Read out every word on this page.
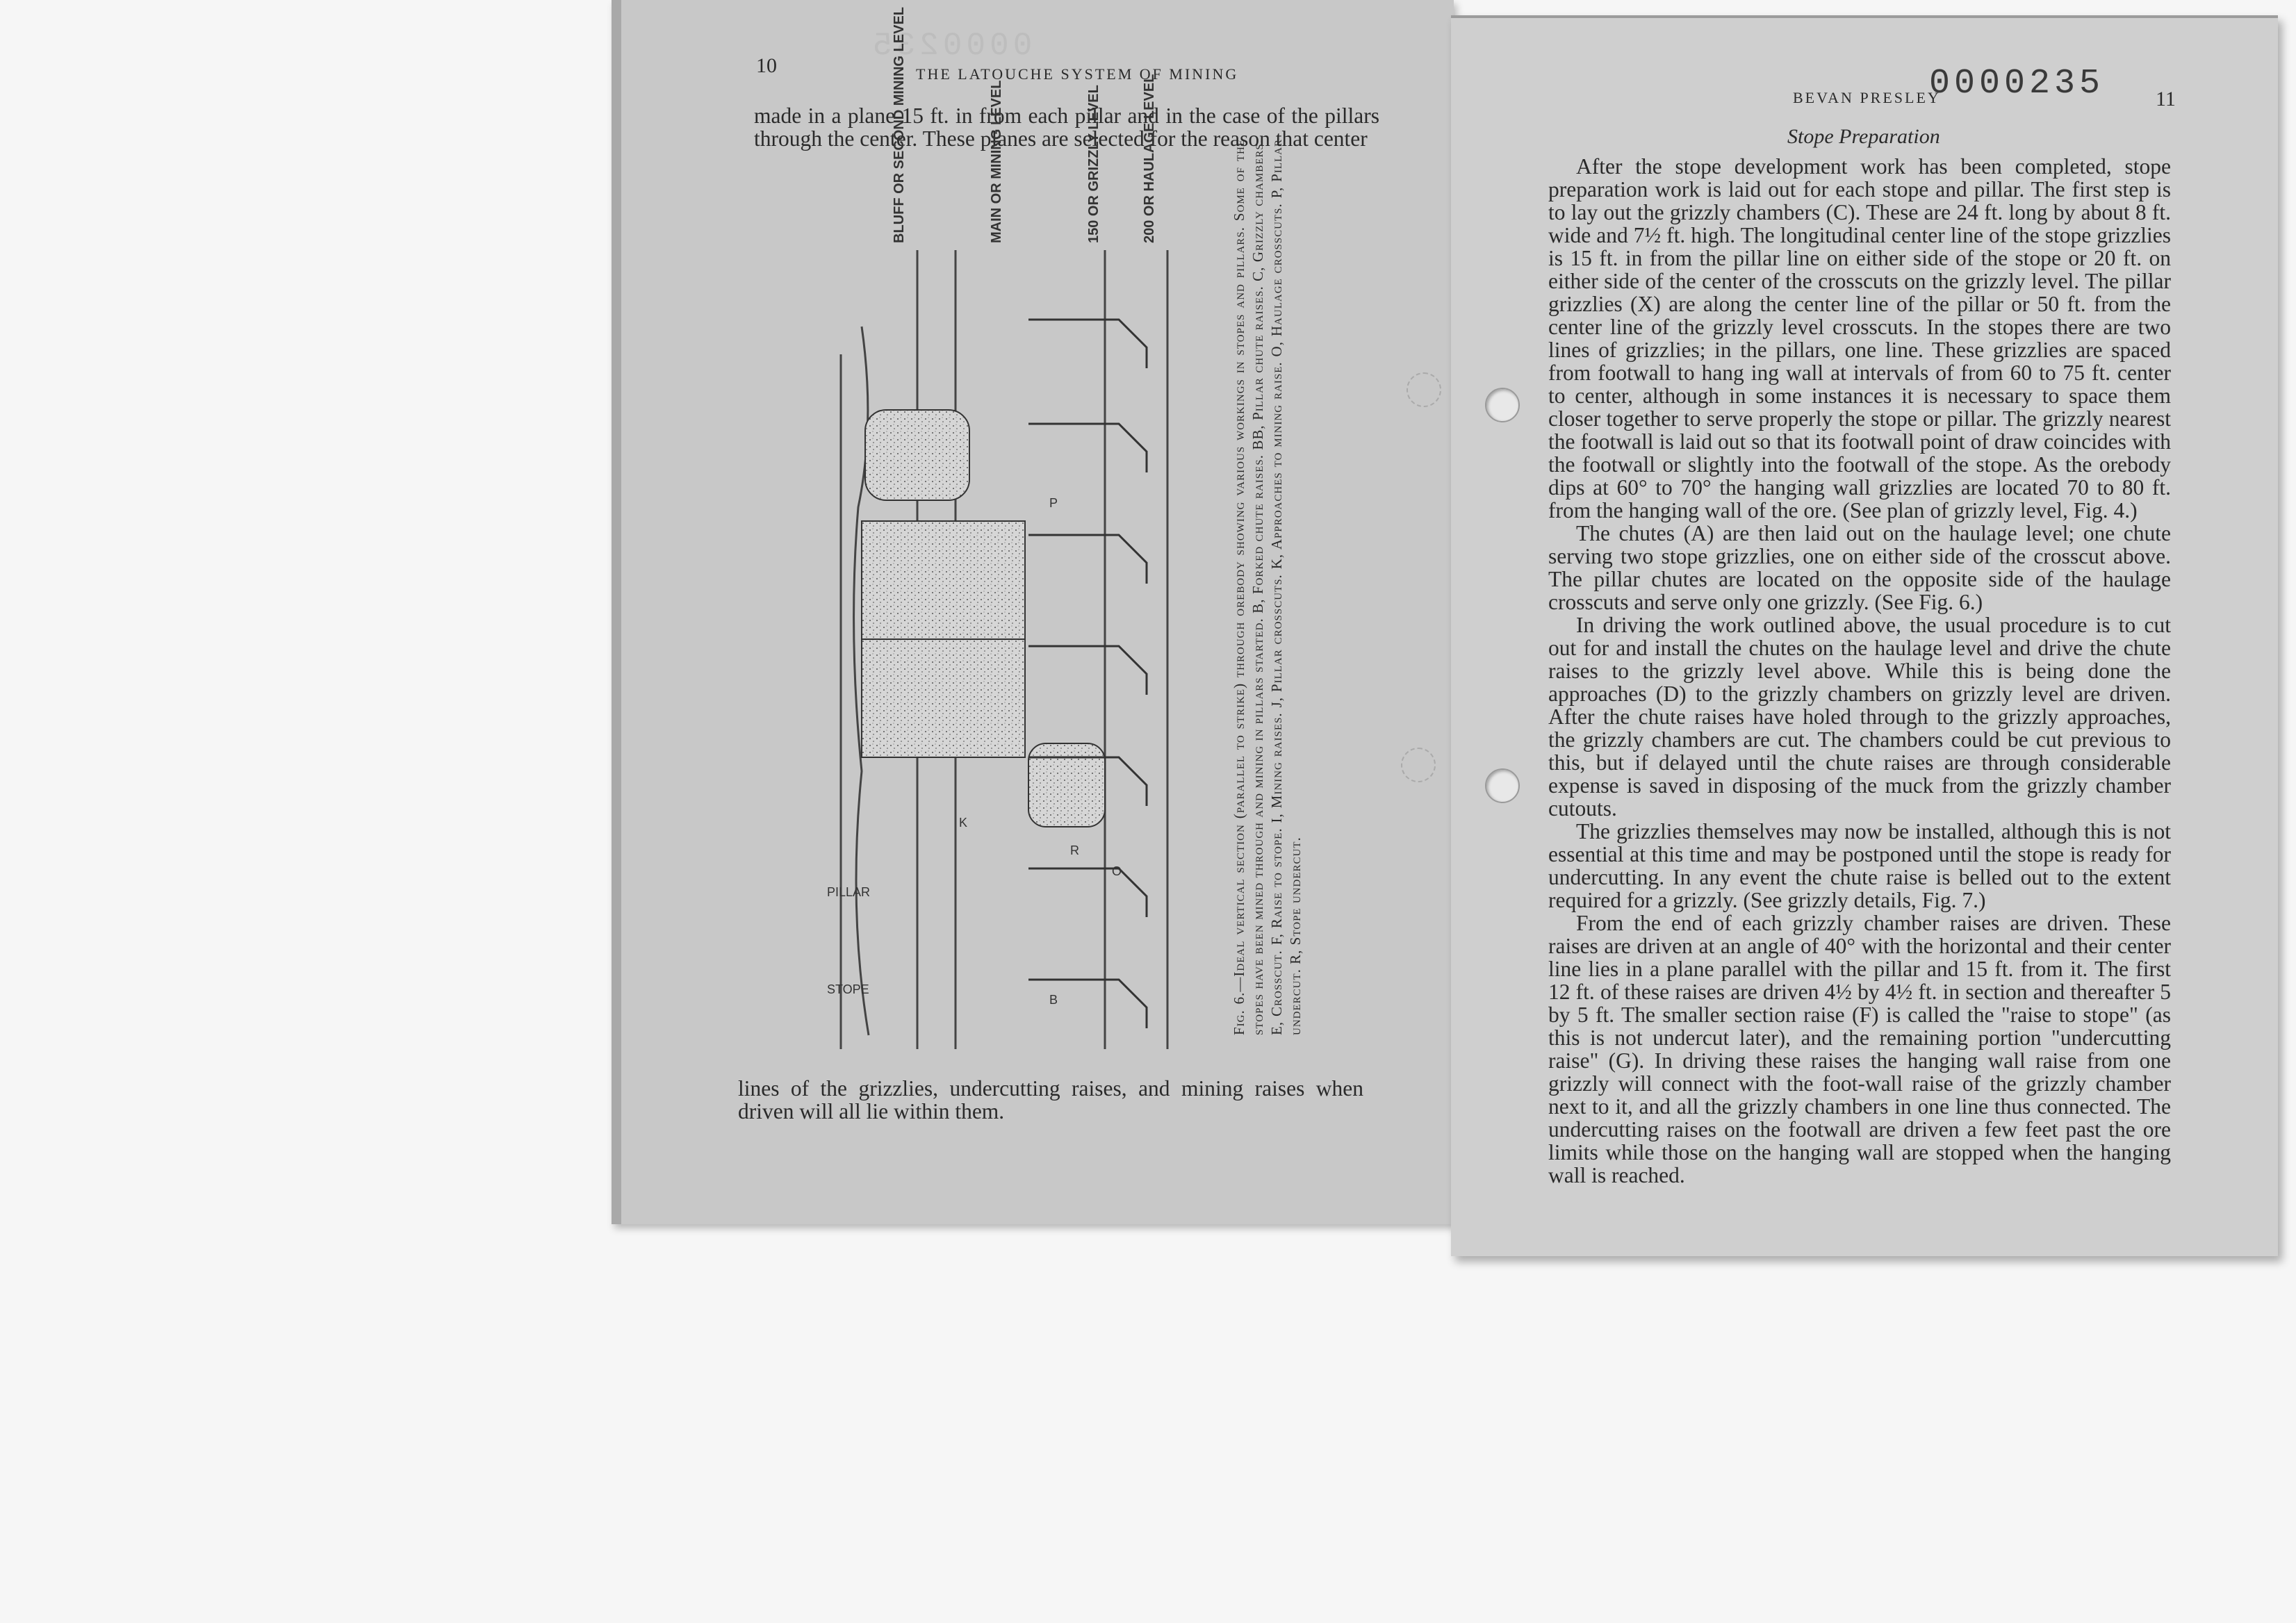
0000235
10	THE LATOUCHE SYSTEM OF MINING

made in a plane 15 ft. in from each pillar and in the case of the pillars through the center. These planes are selected for the reason that center

STOPE
PILLAR
B
R
P
K
O
BLUFF OR SECOND MINING LEVEL	MAIN OR MINING LEVEL	150 OR GRIZZLY LEVEL	200 OR HAULAGE LEVEL	Fig. 6.—Ideal vertical section (parallel to strike) through orebody showing various workings in stopes and pillars. Some of the stopes have been mined through and mining in pillars started. B, Forked chute raises. BB, Pillar chute raises. C, Grizzly chambers. E, Crosscut. F, Raise to stope. I, Mining raises. J, Pillar crosscuts. K, Approaches to mining raise. O, Haulage crosscuts. P, Pillar undercut. R, Stope undercut.

lines of the grizzlies, undercutting raises, and mining raises when driven will all lie within them.

0000235
BEVAN PRESLEY	11
Stope Preparation

After the stope development work has been completed, stope preparation work is laid out for each stope and pillar. The first step is to lay out the grizzly chambers (C). These are 24 ft. long by about 8 ft. wide and 7½ ft. high. The longitudinal center line of the stope grizzlies is 15 ft. in from the pillar line on either side of the stope or 20 ft. on either side of the center of the crosscuts on the grizzly level. The pillar grizzlies (X) are along the center line of the pillar or 50 ft. from the center line of the grizzly level crosscuts. In the stopes there are two lines of grizzlies; in the pillars, one line. These grizzlies are spaced from footwall to hang ing wall at intervals of from 60 to 75 ft. center to center, although in some instances it is necessary to space them closer together to serve properly the stope or pillar. The grizzly nearest the footwall is laid out so that its footwall point of draw coincides with the footwall or slightly into the footwall of the stope. As the orebody dips at 60° to 70° the hanging wall grizzlies are located 70 to 80 ft. from the hanging wall of the ore. (See plan of grizzly level, Fig. 4.)

The chutes (A) are then laid out on the haulage level; one chute serving two stope grizzlies, one on either side of the crosscut above. The pillar chutes are located on the opposite side of the haulage crosscuts and serve only one grizzly. (See Fig. 6.)

In driving the work outlined above, the usual procedure is to cut out for and install the chutes on the haulage level and drive the chute raises to the grizzly level above. While this is being done the approaches (D) to the grizzly chambers on grizzly level are driven. After the chute raises have holed through to the grizzly approaches, the grizzly chambers are cut. The chambers could be cut previous to this, but if delayed until the chute raises are through considerable expense is saved in disposing of the muck from the grizzly chamber cutouts.

The grizzlies themselves may now be installed, although this is not essential at this time and may be postponed until the stope is ready for undercutting. In any event the chute raise is belled out to the extent required for a grizzly. (See grizzly details, Fig. 7.)

From the end of each grizzly chamber raises are driven. These raises are driven at an angle of 40° with the horizontal and their center line lies in a plane parallel with the pillar and 15 ft. from it. The first 12 ft. of these raises are driven 4½ by 4½ ft. in section and thereafter 5 by 5 ft. The smaller section raise (F) is called the "raise to stope" (as this is not undercut later), and the remaining portion "undercutting raise" (G). In driving these raises the hanging wall raise from one grizzly will connect with the foot-wall raise of the grizzly chamber next to it, and all the grizzly chambers in one line thus connected. The undercutting raises on the footwall are driven a few feet past the ore limits while those on the hanging wall are stopped when the hanging wall is reached.
